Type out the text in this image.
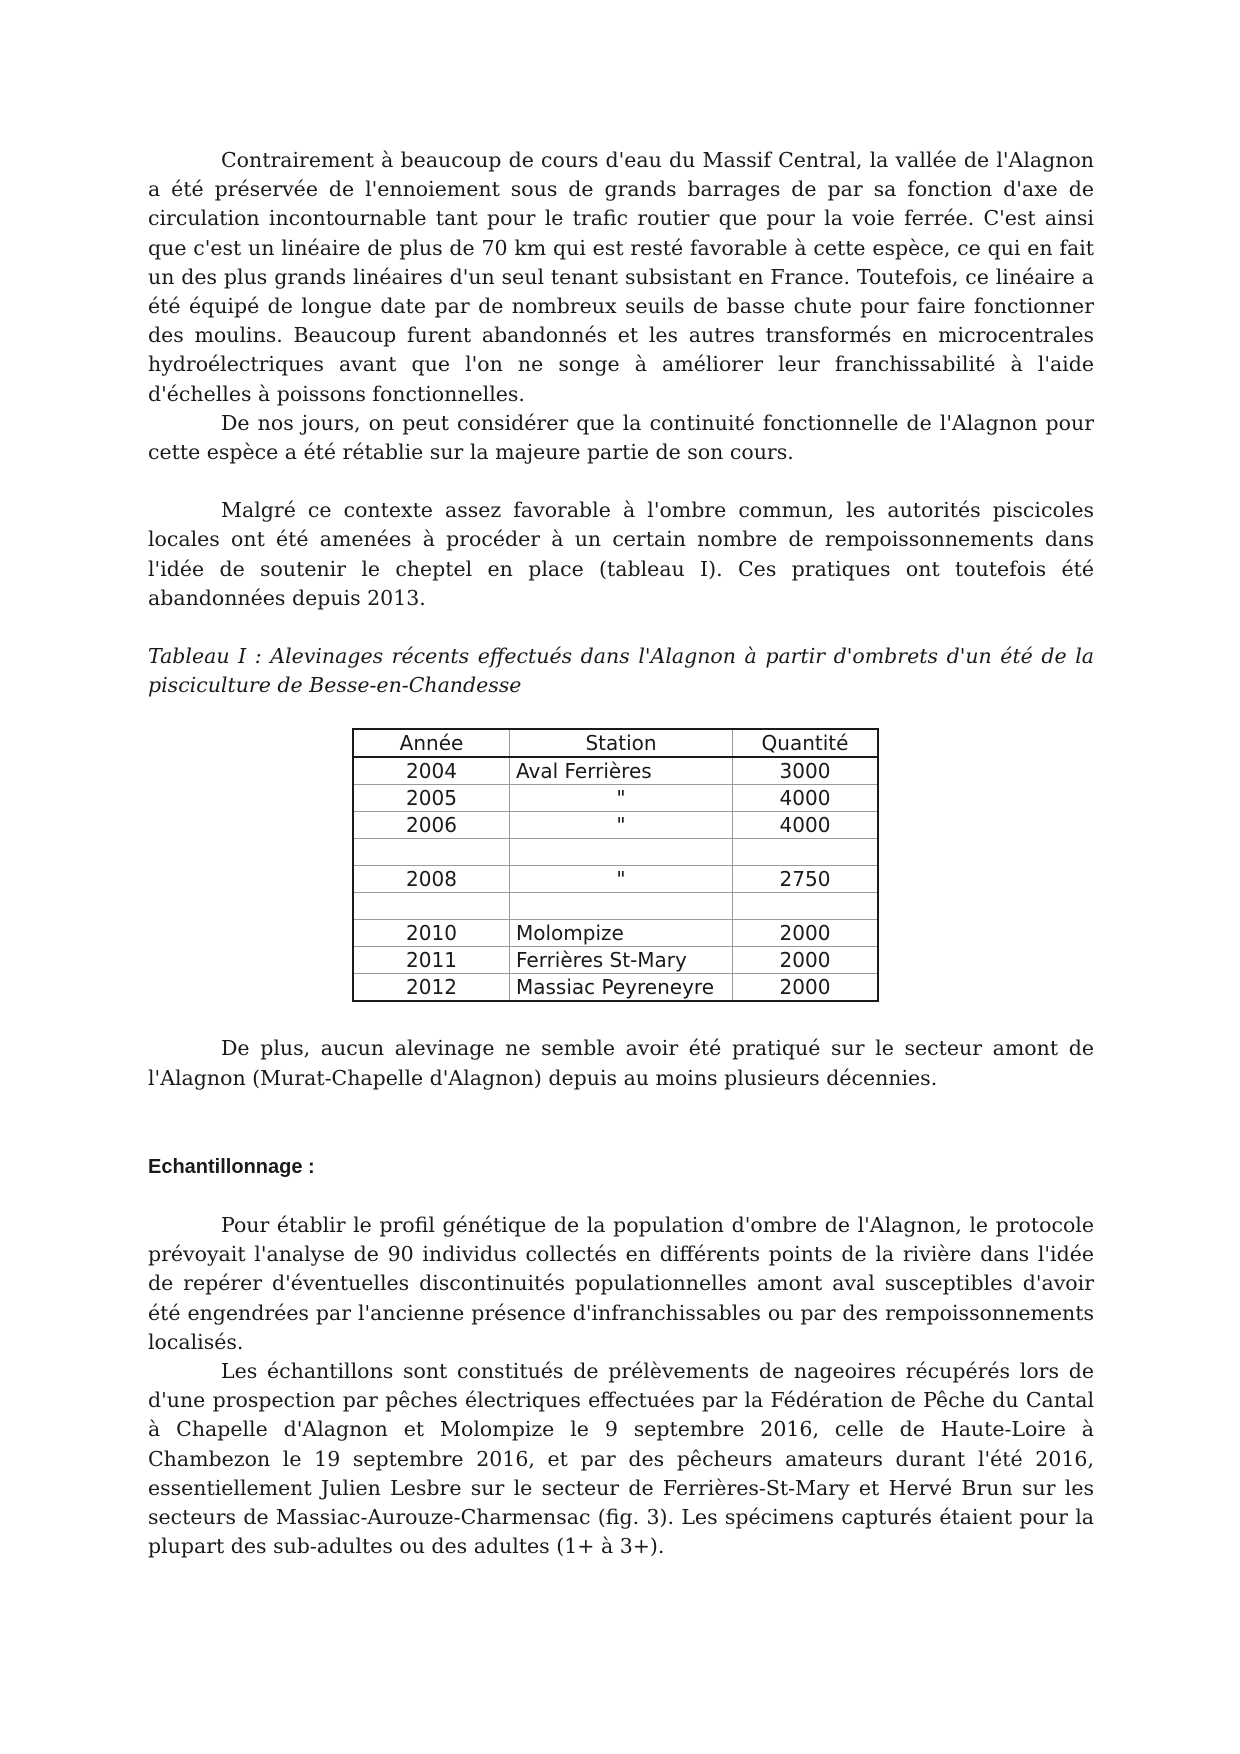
Contrairement à beaucoup de cours d'eau du Massif Central, la vallée de l'Alagnon a été préservée de l'ennoiement sous de grands barrages de par sa fonction d'axe de circulation incontournable tant pour le trafic routier que pour la voie ferrée. C'est ainsi que c'est un linéaire de plus de 70 km qui est resté favorable à cette espèce, ce qui en fait un des plus grands linéaires d'un seul tenant subsistant en France. Toutefois, ce linéaire a été équipé de longue date par de nombreux seuils de basse chute pour faire fonctionner des moulins. Beaucoup furent abandonnés et les autres transformés en microcentrales hydroélectriques avant que l'on ne songe à améliorer leur franchissabilité à l'aide d'échelles à poissons fonctionnelles.

De nos jours, on peut considérer que la continuité fonctionnelle de l'Alagnon pour cette espèce a été rétablie sur la majeure partie de son cours.

Malgré ce contexte assez favorable à l'ombre commun, les autorités piscicoles locales ont été amenées à procéder à un certain nombre de rempoissonnements dans l'idée de soutenir le cheptel en place (tableau I). Ces pratiques ont toutefois été abandonnées depuis 2013.

Tableau I : Alevinages récents effectués dans l'Alagnon à partir d'ombrets d'un été de la pisciculture de Besse-en-Chandesse

Année	Station	Quantité
2004	Aval Ferrières	3000
2005	"	4000
2006	"	4000

2008	"	2750

2010	Molompize	2000
2011	Ferrières St-Mary	2000
2012	Massiac Peyreneyre	2000

De plus, aucun alevinage ne semble avoir été pratiqué sur le secteur amont de l'Alagnon (Murat-Chapelle d'Alagnon) depuis au moins plusieurs décennies.

Echantillonnage :

Pour établir le profil génétique de la population d'ombre de l'Alagnon, le protocole prévoyait l'analyse de 90 individus collectés en différents points de la rivière dans l'idée de repérer d'éventuelles discontinuités populationnelles amont aval susceptibles d'avoir été engendrées par l'ancienne présence d'infranchissables ou par des rempoissonnements localisés.

Les échantillons sont constitués de prélèvements de nageoires récupérés lors de d'une prospection par pêches électriques effectuées par la Fédération de Pêche du Cantal à Chapelle d'Alagnon et Molompize le 9 septembre 2016, celle de Haute-Loire à Chambezon le 19 septembre 2016, et par des pêcheurs amateurs durant l'été 2016, essentiellement Julien Lesbre sur le secteur de Ferrières-St-Mary et Hervé Brun sur les secteurs de Massiac-Aurouze-Charmensac (fig. 3). Les spécimens capturés étaient pour la plupart des sub-adultes ou des adultes (1+ à 3+).
